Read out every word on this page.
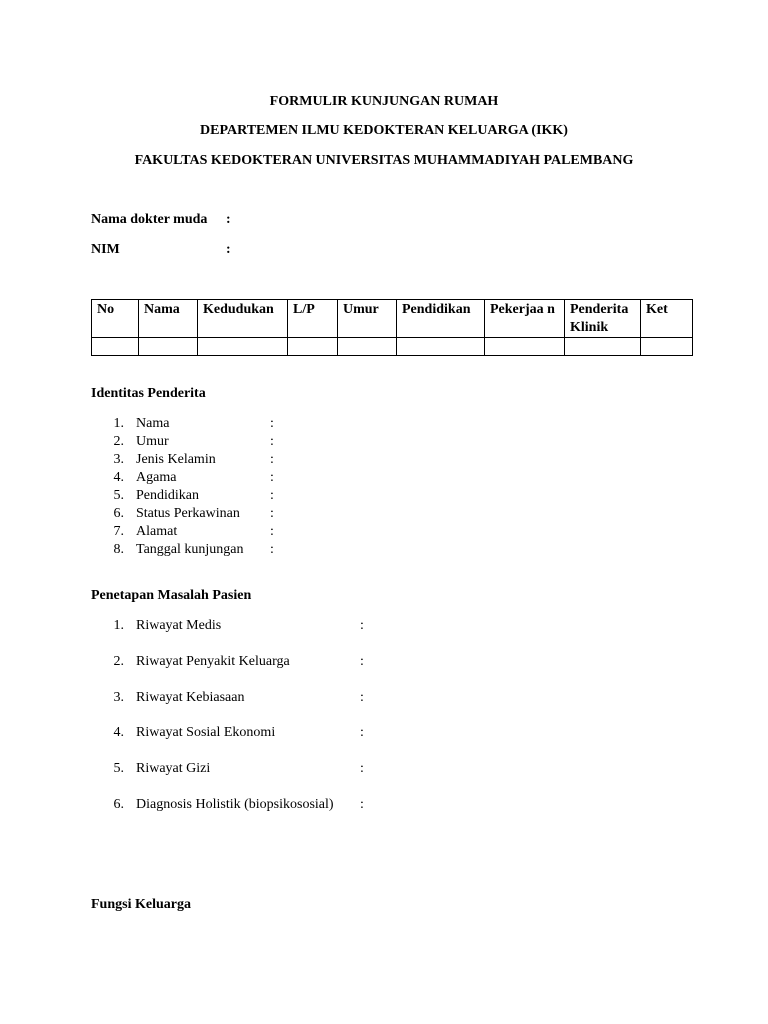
FORMULIR KUNJUNGAN RUMAH
DEPARTEMEN ILMU KEDOKTERAN KELUARGA (IKK)
FAKULTAS KEDOKTERAN UNIVERSITAS MUHAMMADIYAH PALEMBANG
Nama dokter muda :
NIM	:
No	Nama	Kedudukan	L/P	Umur	Pendidikan	Pekerjaa n	Penderita Klinik	Ket

Identitas Penderita
1. Nama	:
2. Umur	:
3. Jenis Kelamin	:
4. Agama	:
5. Pendidikan	:
6. Status Perkawinan :
7. Alamat	:
8. Tanggal kunjungan :
Penetapan Masalah Pasien
1. Riwayat Medis	:
2. Riwayat Penyakit Keluarga	:
3. Riwayat Kebiasaan	:
4. Riwayat Sosial Ekonomi	:
5. Riwayat Gizi	:
6. Diagnosis Holistik (biopsikososial) :
Fungsi Keluarga
